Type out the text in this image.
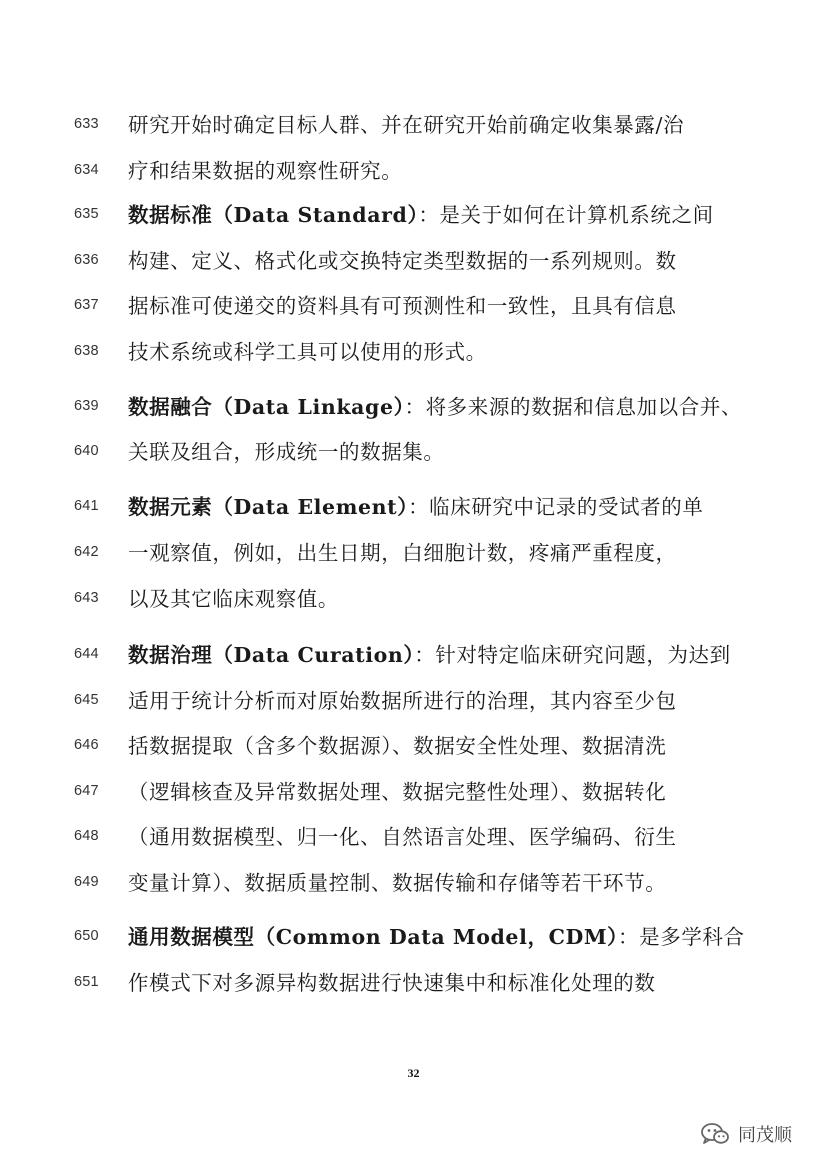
633	研究开始时确定目标人群、并在研究开始前确定收集暴露/治
634	疗和结果数据的观察性研究。
635	数据标准（Data Standard）：是关于如何在计算机系统之间
636	构建、定义、格式化或交换特定类型数据的一系列规则。数
637	据标准可使递交的资料具有可预测性和一致性，且具有信息
638	技术系统或科学工具可以使用的形式。
639	数据融合（Data Linkage）：将多来源的数据和信息加以合并、
640	关联及组合，形成统一的数据集。
641	数据元素（Data Element）：临床研究中记录的受试者的单
642	一观察值，例如，出生日期，白细胞计数，疼痛严重程度，
643	以及其它临床观察值。
644	数据治理（Data Curation）：针对特定临床研究问题，为达到
645	适用于统计分析而对原始数据所进行的治理，其内容至少包
646	括数据提取（含多个数据源）、数据安全性处理、数据清洗
647	（逻辑核查及异常数据处理、数据完整性处理）、数据转化
648	（通用数据模型、归一化、自然语言处理、医学编码、衍生
649	变量计算）、数据质量控制、数据传输和存储等若干环节。
650	通用数据模型（Common Data Model，CDM）：是多学科合
651	作模式下对多源异构数据进行快速集中和标准化处理的数
32
同茂顺
